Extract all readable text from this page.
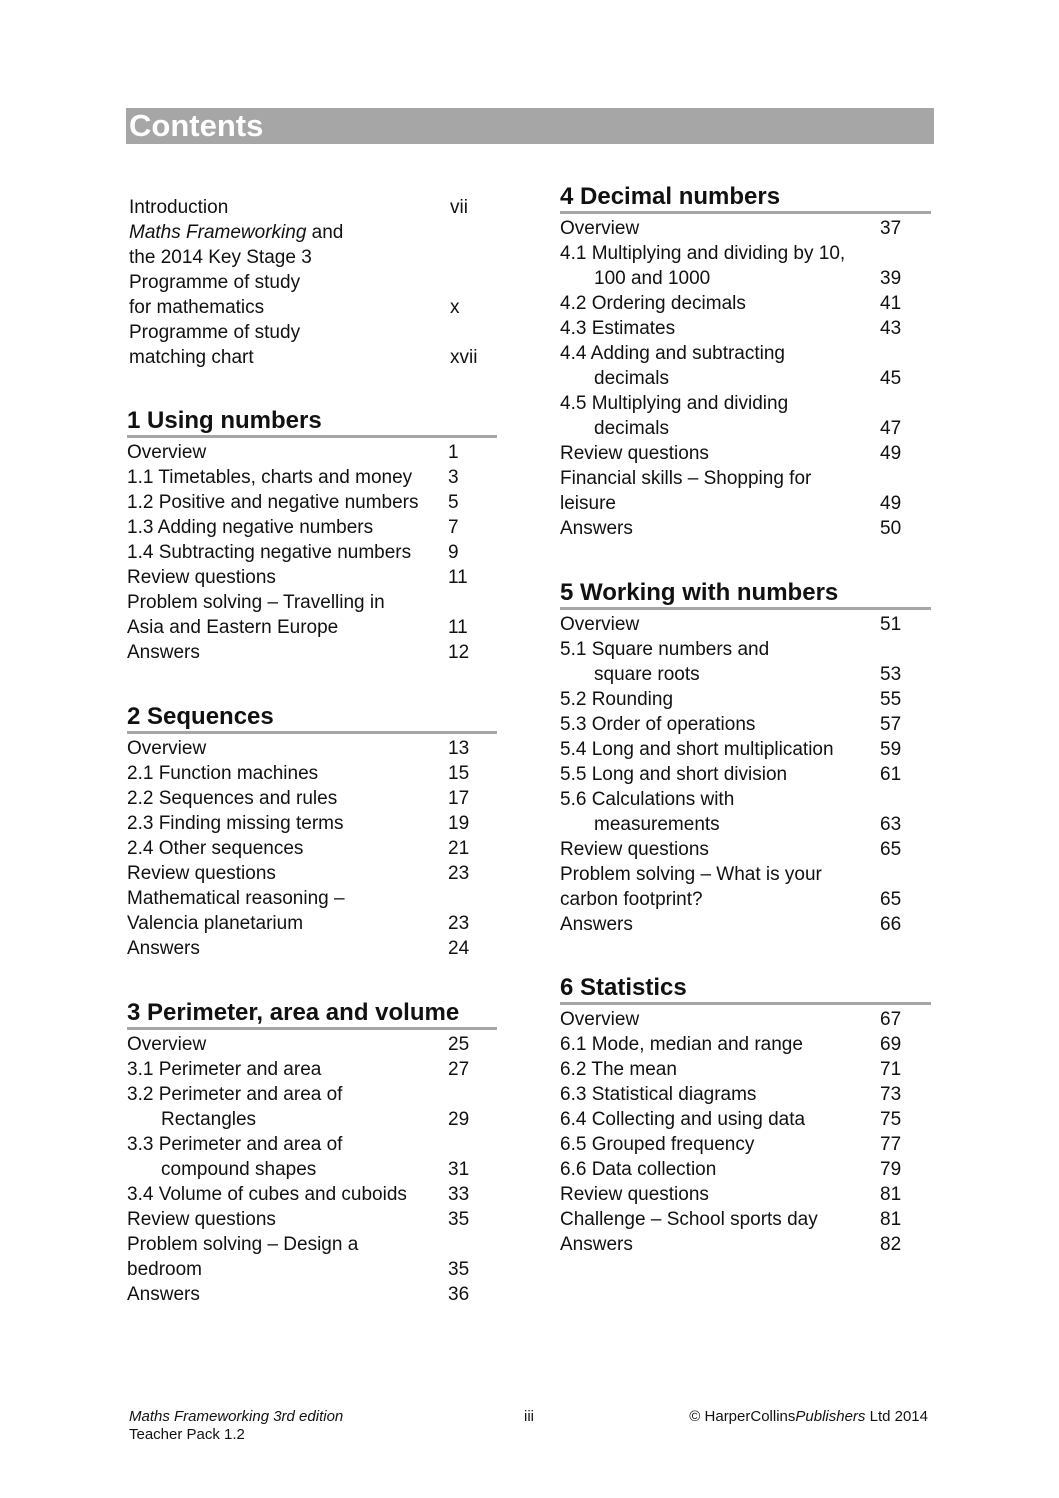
Contents
Introduction	vii
Maths Frameworking and
the 2014 Key Stage 3
Programme of study
for mathematics	x
Programme of study
matching chart	xvii
1 Using numbers
Overview	1
1.1 Timetables, charts and money 3
1.2 Positive and negative numbers 5
1.3 Adding negative numbers	7
1.4 Subtracting negative numbers 9
Review questions	11
Problem solving – Travelling in
Asia and Eastern Europe	11
Answers	12
2 Sequences
Overview	13
2.1 Function machines	15
2.2 Sequences and rules	17
2.3 Finding missing terms	19
2.4 Other sequences	21
Review questions	23
Mathematical reasoning –
Valencia planetarium	23
Answers	24
3 Perimeter, area and volume
Overview	25
3.1 Perimeter and area	27
3.2 Perimeter and area of
Rectangles	29
3.3 Perimeter and area of
compound shapes	31
3.4 Volume of cubes and cuboids 33
Review questions	35
Problem solving – Design a
bedroom	35
Answers	36
4 Decimal numbers
Overview	37
4.1 Multiplying and dividing by 10,
100 and 1000	39
4.2 Ordering decimals	41
4.3 Estimates	43
4.4 Adding and subtracting
decimals	45
4.5 Multiplying and dividing
decimals	47
Review questions	49
Financial skills – Shopping for
leisure	49
Answers	50
5 Working with numbers
Overview	51
5.1 Square numbers and
square roots	53
5.2 Rounding	55
5.3 Order of operations	57
5.4 Long and short multiplication 59
5.5 Long and short division	61
5.6 Calculations with
measurements	63
Review questions	65
Problem solving – What is your
carbon footprint?	65
Answers	66
6 Statistics
Overview	67
6.1 Mode, median and range	69
6.2 The mean	71
6.3 Statistical diagrams	73
6.4 Collecting and using data	75
6.5 Grouped frequency	77
6.6 Data collection	79
Review questions	81
Challenge – School sports day	81
Answers	82
Maths Frameworking 3rd edition
Teacher Pack 1.2
iii	© HarperCollinsPublishers Ltd 2014
